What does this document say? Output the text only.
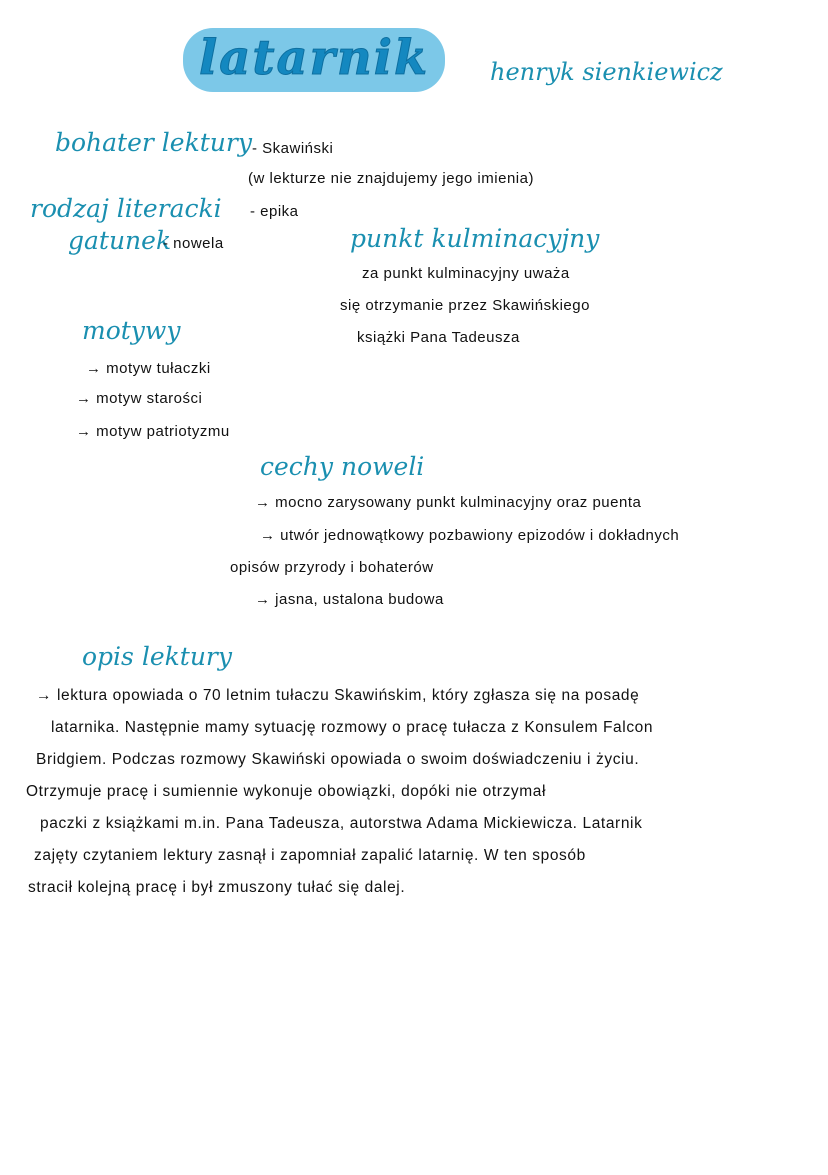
latarnik	henryk sienkiewicz
bohater lektury - Skawiński
(w lekturze nie znajdujemy jego imienia)
rodzaj literacki - epika
gatunek
- nowela	punkt kulminacyjny
za punkt kulminacyjny uważa
się otrzymanie przez Skawińskiego
książki Pana Tadeusza
motywy
→ motyw tułaczki
→ motyw starości
→ motyw patriotyzmu
cechy noweli
→ mocno zarysowany punkt kulminacyjny oraz puenta
→ utwór jednowątkowy pozbawiony epizodów i dokładnych
opisów przyrody i bohaterów
→ jasna, ustalona budowa
opis lektury

→ lektura opowiada o 70 letnim tułaczu Skawińskim, który zgłasza się na posadę

latarnika. Następnie mamy sytuację rozmowy o pracę tułacza z Konsulem Falcon

Bridgiem. Podczas rozmowy Skawiński opowiada o swoim doświadczeniu i życiu.

Otrzymuje pracę i sumiennie wykonuje obowiązki, dopóki nie otrzymał

paczki z książkami m.in. Pana Tadeusza, autorstwa Adama Mickiewicza. Latarnik

zajęty czytaniem lektury zasnął i zapomniał zapalić latarnię. W ten sposób

stracił kolejną pracę i był zmuszony tułać się dalej.
